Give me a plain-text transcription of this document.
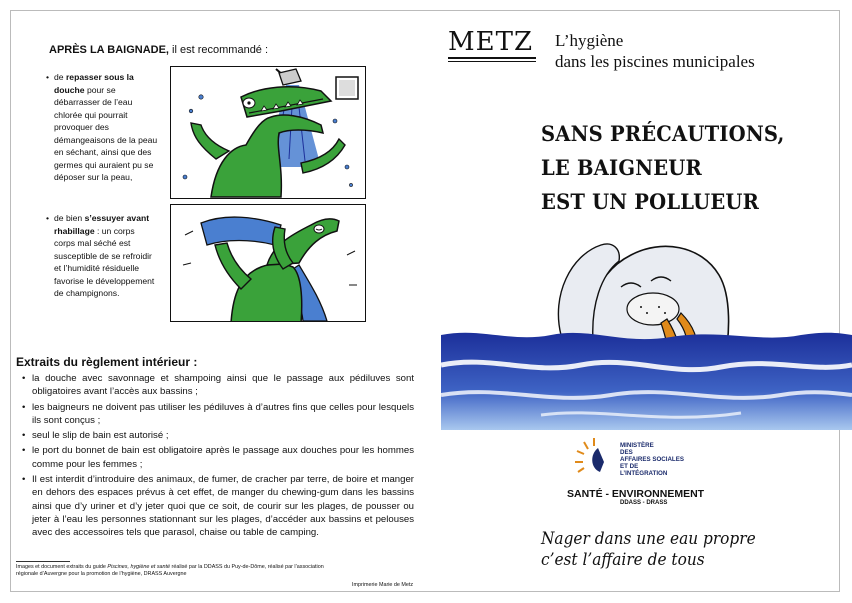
APRÈS LA BAIGNADE, il est recommandé :
• de repasser sous la douche pour se débarrasser de l’eau chlorée qui pourrait provoquer des démangeaisons de la peau en séchant, ainsi que des germes qui auraient pu se déposer sur la peau,
• de bien s’essuyer avant rhabillage : un corps corps mal séché est susceptible de se refroidir et l’humidité résiduelle favorise le développement de champignons.
Extraits du règlement intérieur :
• la douche avec savonnage et shampoing ainsi que le passage aux pédiluves sont obligatoires avant l’accès aux bassins ;
• les baigneurs ne doivent pas utiliser les pédiluves à d’autres fins que celles pour lesquels ils sont conçus ;
• seul le slip de bain est autorisé ;
• le port du bonnet de bain est obligatoire après le passage aux douches pour les hommes comme pour les femmes ;
• Il est interdit d’introduire des animaux, de fumer, de cracher par terre, de boire et manger en dehors des espaces prévus à cet effet, de manger du chewing-gum dans les bassins ainsi que d’y uriner et d’y jeter quoi que ce soit, de courir sur les plages, de pousser ou jeter à l’eau les personnes stationnant sur les plages, d’accéder aux bassins et pelouses avec des accessoires tels que parasol, chaise ou table de camping.
Images et document extraits du guide Piscines, hygiène et santé réalisé par la DDASS du Puy-de-Dôme, réalisé par l’association régionale d’Auvergne pour la promotion de l’hygiène, DRASS Auvergne
Imprimerie Marie de Metz
METZ L’hygiène
dans les piscines municipales
SANS PRÉCAUTIONS,
LE BAIGNEUR
EST UN POLLUEUR
MINISTÈRE
DES
AFFAIRES SOCIALES
ET DE
L’INTÉGRATION
SANTÉ - ENVIRONNEMENT
DDASS - DRASS
Nager dans une eau propre
c’est l’affaire de tous
